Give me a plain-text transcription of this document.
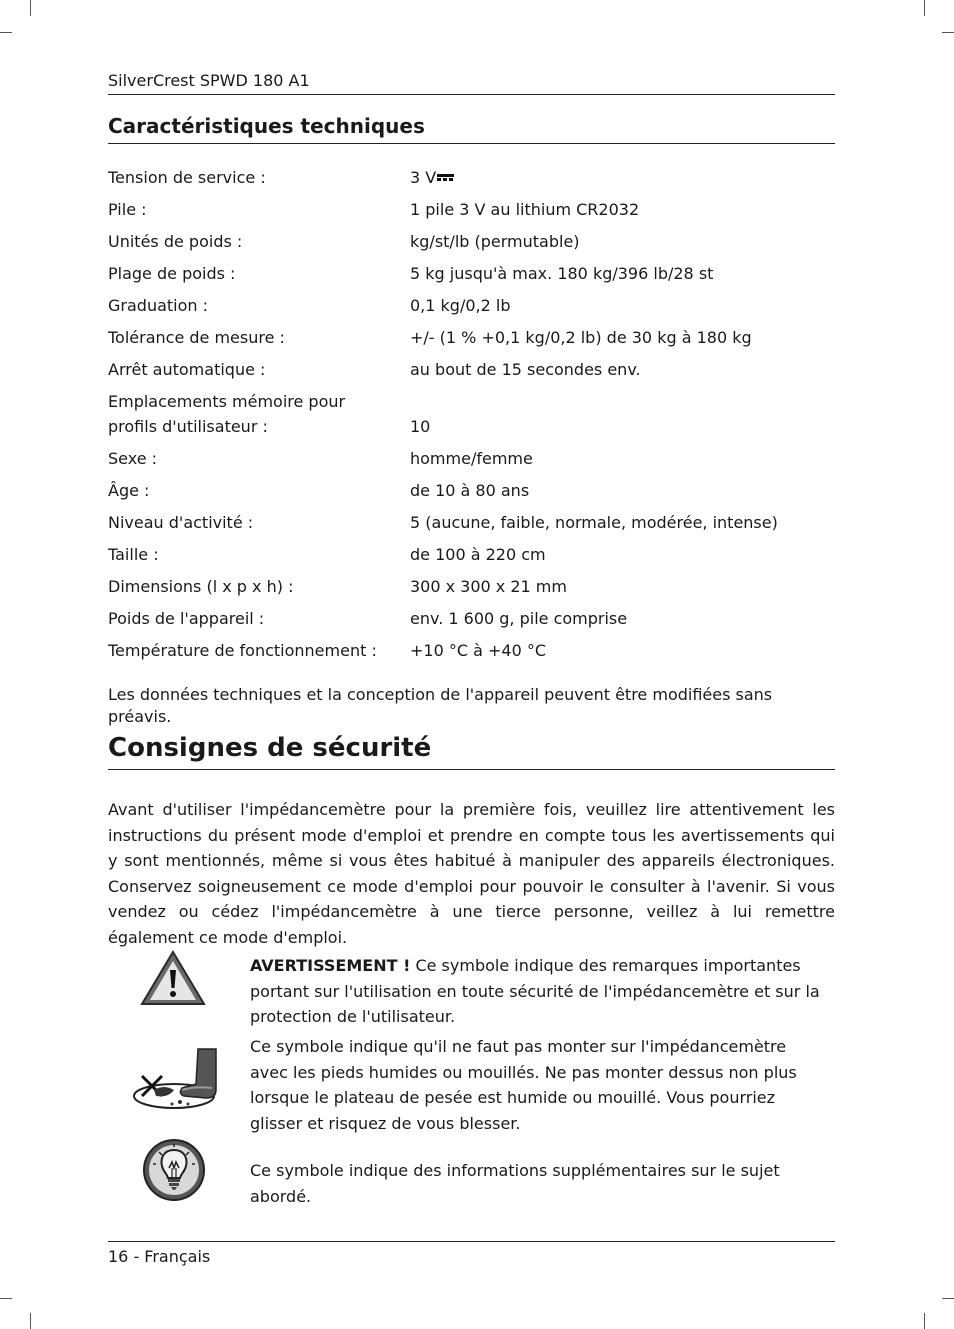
SilverCrest SPWD 180 A1
Caractéristiques techniques
Tension de service :	3 V
Pile :	1 pile 3 V au lithium CR2032
Unités de poids :	kg/st/lb (permutable)
Plage de poids :	5 kg jusqu'à max. 180 kg/396 lb/28 st
Graduation :	0,1 kg/0,2 lb
Tolérance de mesure :	+/- (1 % +0,1 kg/0,2 lb) de 30 kg à 180 kg
Arrêt automatique :	au bout de 15 secondes env.
Emplacements mémoire pour profils d'utilisateur :	10
Sexe :	homme/femme
Âge :	de 10 à 80 ans
Niveau d'activité :	5 (aucune, faible, normale, modérée, intense)
Taille :	de 100 à 220 cm
Dimensions (l x p x h) :	300 x 300 x 21 mm
Poids de l'appareil :	env. 1 600 g, pile comprise
Température de fonctionnement :	+10 °C à +40 °C
Les données techniques et la conception de l'appareil peuvent être modifiées sans préavis.
Consignes de sécurité
Avant d'utiliser l'impédancemètre pour la première fois, veuillez lire attentivement les instructions du présent mode d'emploi et prendre en compte tous les avertissements qui y sont mentionnés, même si vous êtes habitué à manipuler des appareils électroniques. Conservez soigneusement ce mode d'emploi pour pouvoir le consulter à l'avenir. Si vous vendez ou cédez l'impédancemètre à une tierce personne, veillez à lui remettre également ce mode d'emploi.
AVERTISSEMENT ! Ce symbole indique des remarques importantes portant sur l'utilisation en toute sécurité de l'impédancemètre et sur la protection de l'utilisateur.
Ce symbole indique qu'il ne faut pas monter sur l'impédancemètre avec les pieds humides ou mouillés. Ne pas monter dessus non plus lorsque le plateau de pesée est humide ou mouillé. Vous pourriez glisser et risquez de vous blesser.
Ce symbole indique des informations supplémentaires sur le sujet abordé.
16 - Français
